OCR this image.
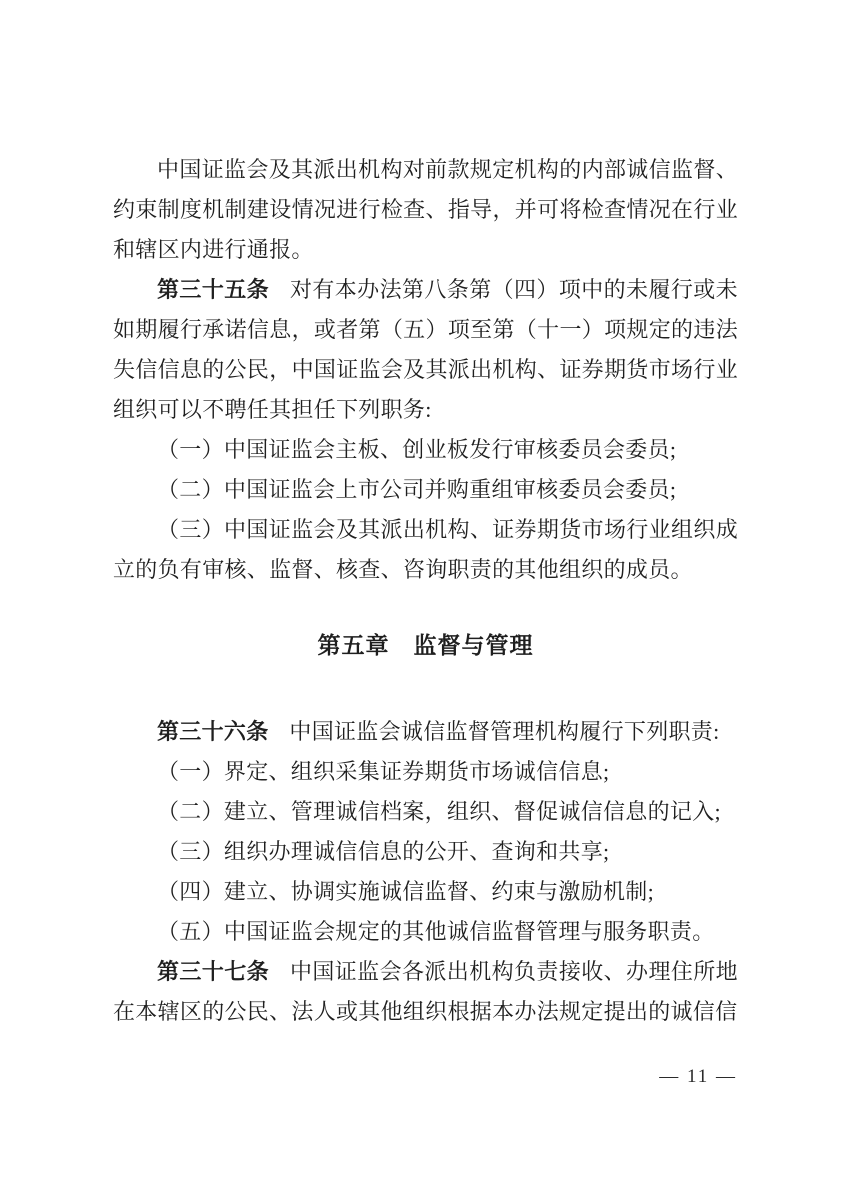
中国证监会及其派出机构对前款规定机构的内部诚信监督、约束制度机制建设情况进行检查、指导，并可将检查情况在行业和辖区内进行通报。

第三十五条 对有本办法第八条第（四）项中的未履行或未如期履行承诺信息，或者第（五）项至第（十一）项规定的违法失信信息的公民，中国证监会及其派出机构、证券期货市场行业组织可以不聘任其担任下列职务:

（一）中国证监会主板、创业板发行审核委员会委员;

（二）中国证监会上市公司并购重组审核委员会委员;

（三）中国证监会及其派出机构、证券期货市场行业组织成立的负有审核、监督、核查、咨询职责的其他组织的成员。

第五章　监督与管理

第三十六条 中国证监会诚信监督管理机构履行下列职责:

（一）界定、组织采集证券期货市场诚信信息;

（二）建立、管理诚信档案，组织、督促诚信信息的记入;

（三）组织办理诚信信息的公开、查询和共享;

（四）建立、协调实施诚信监督、约束与激励机制;

（五）中国证监会规定的其他诚信监督管理与服务职责。

第三十七条 中国证监会各派出机构负责接收、办理住所地在本辖区的公民、法人或其他组织根据本办法规定提出的诚信信

— 11 —
